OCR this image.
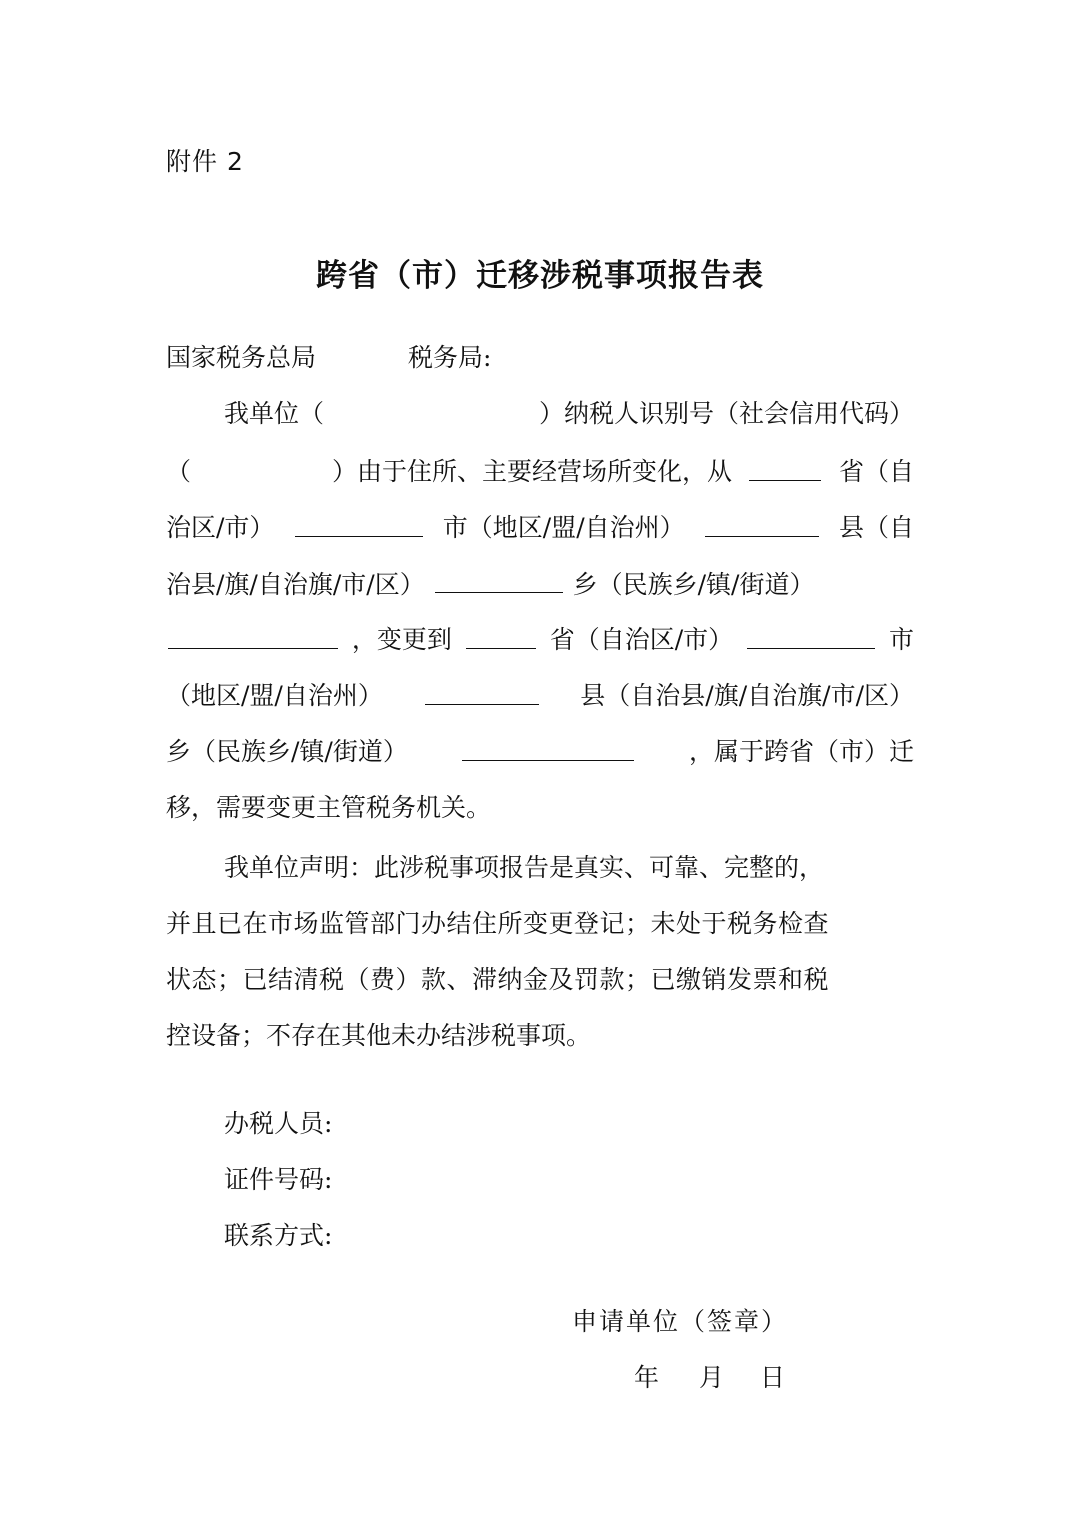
附件 2
跨省（市）迁移涉税事项报告表
国家税务总局	税务局:
我单位（	）纳税人识别号（社会信用代码）
（	）由于住所、主要经营场所变化，从	省（自
治区/市）	市（地区/盟/自治州）	县（自
治县/旗/自治旗/市/区）	乡（民族乡/镇/街道）
，变更到	省（自治区/市）	市
（地区/盟/自治州）	县（自治县/旗/自治旗/市/区）
乡（民族乡/镇/街道）	，属于跨省（市）迁
移，需要变更主管税务机关。
我单位声明：此涉税事项报告是真实、可靠、完整的，
并且已在市场监管部门办结住所变更登记；未处于税务检查
状态；已结清税（费）款、滞纳金及罚款；已缴销发票和税
控设备；不存在其他未办结涉税事项。
办税人员:
证件号码:
联系方式:
申请单位（签章）
年 月 日
